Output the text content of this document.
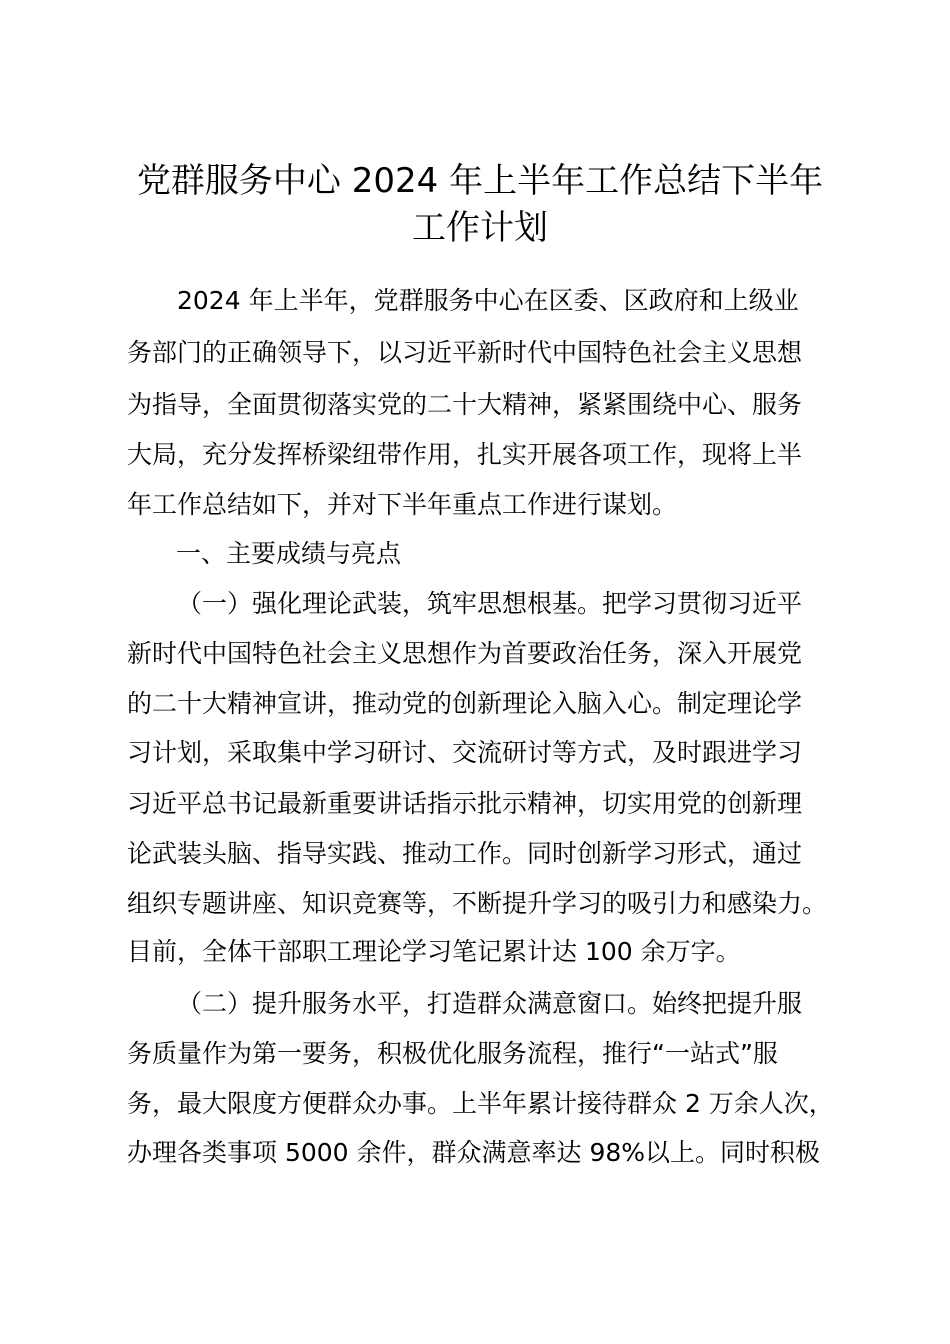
党群服务中心 2024 年上半年工作总结下半年
工作计划

2024 年上半年，党群服务中心在区委、区政府和上级业

务部门的正确领导下，以习近平新时代中国特色社会主义思想

为指导，全面贯彻落实党的二十大精神，紧紧围绕中心、服务

大局，充分发挥桥梁纽带作用，扎实开展各项工作，现将上半

年工作总结如下，并对下半年重点工作进行谋划。

一、主要成绩与亮点

（一）强化理论武装，筑牢思想根基。把学习贯彻习近平

新时代中国特色社会主义思想作为首要政治任务，深入开展党

的二十大精神宣讲，推动党的创新理论入脑入心。制定理论学

习计划，采取集中学习研讨、交流研讨等方式，及时跟进学习

习近平总书记最新重要讲话指示批示精神，切实用党的创新理

论武装头脑、指导实践、推动工作。同时创新学习形式，通过

组织专题讲座、知识竞赛等，不断提升学习的吸引力和感染力。

目前，全体干部职工理论学习笔记累计达 100 余万字。

（二）提升服务水平，打造群众满意窗口。始终把提升服

务质量作为第一要务，积极优化服务流程，推行“一站式”服

务，最大限度方便群众办事。上半年累计接待群众 2 万余人次，

办理各类事项 5000 余件，群众满意率达 98%以上。同时积极
